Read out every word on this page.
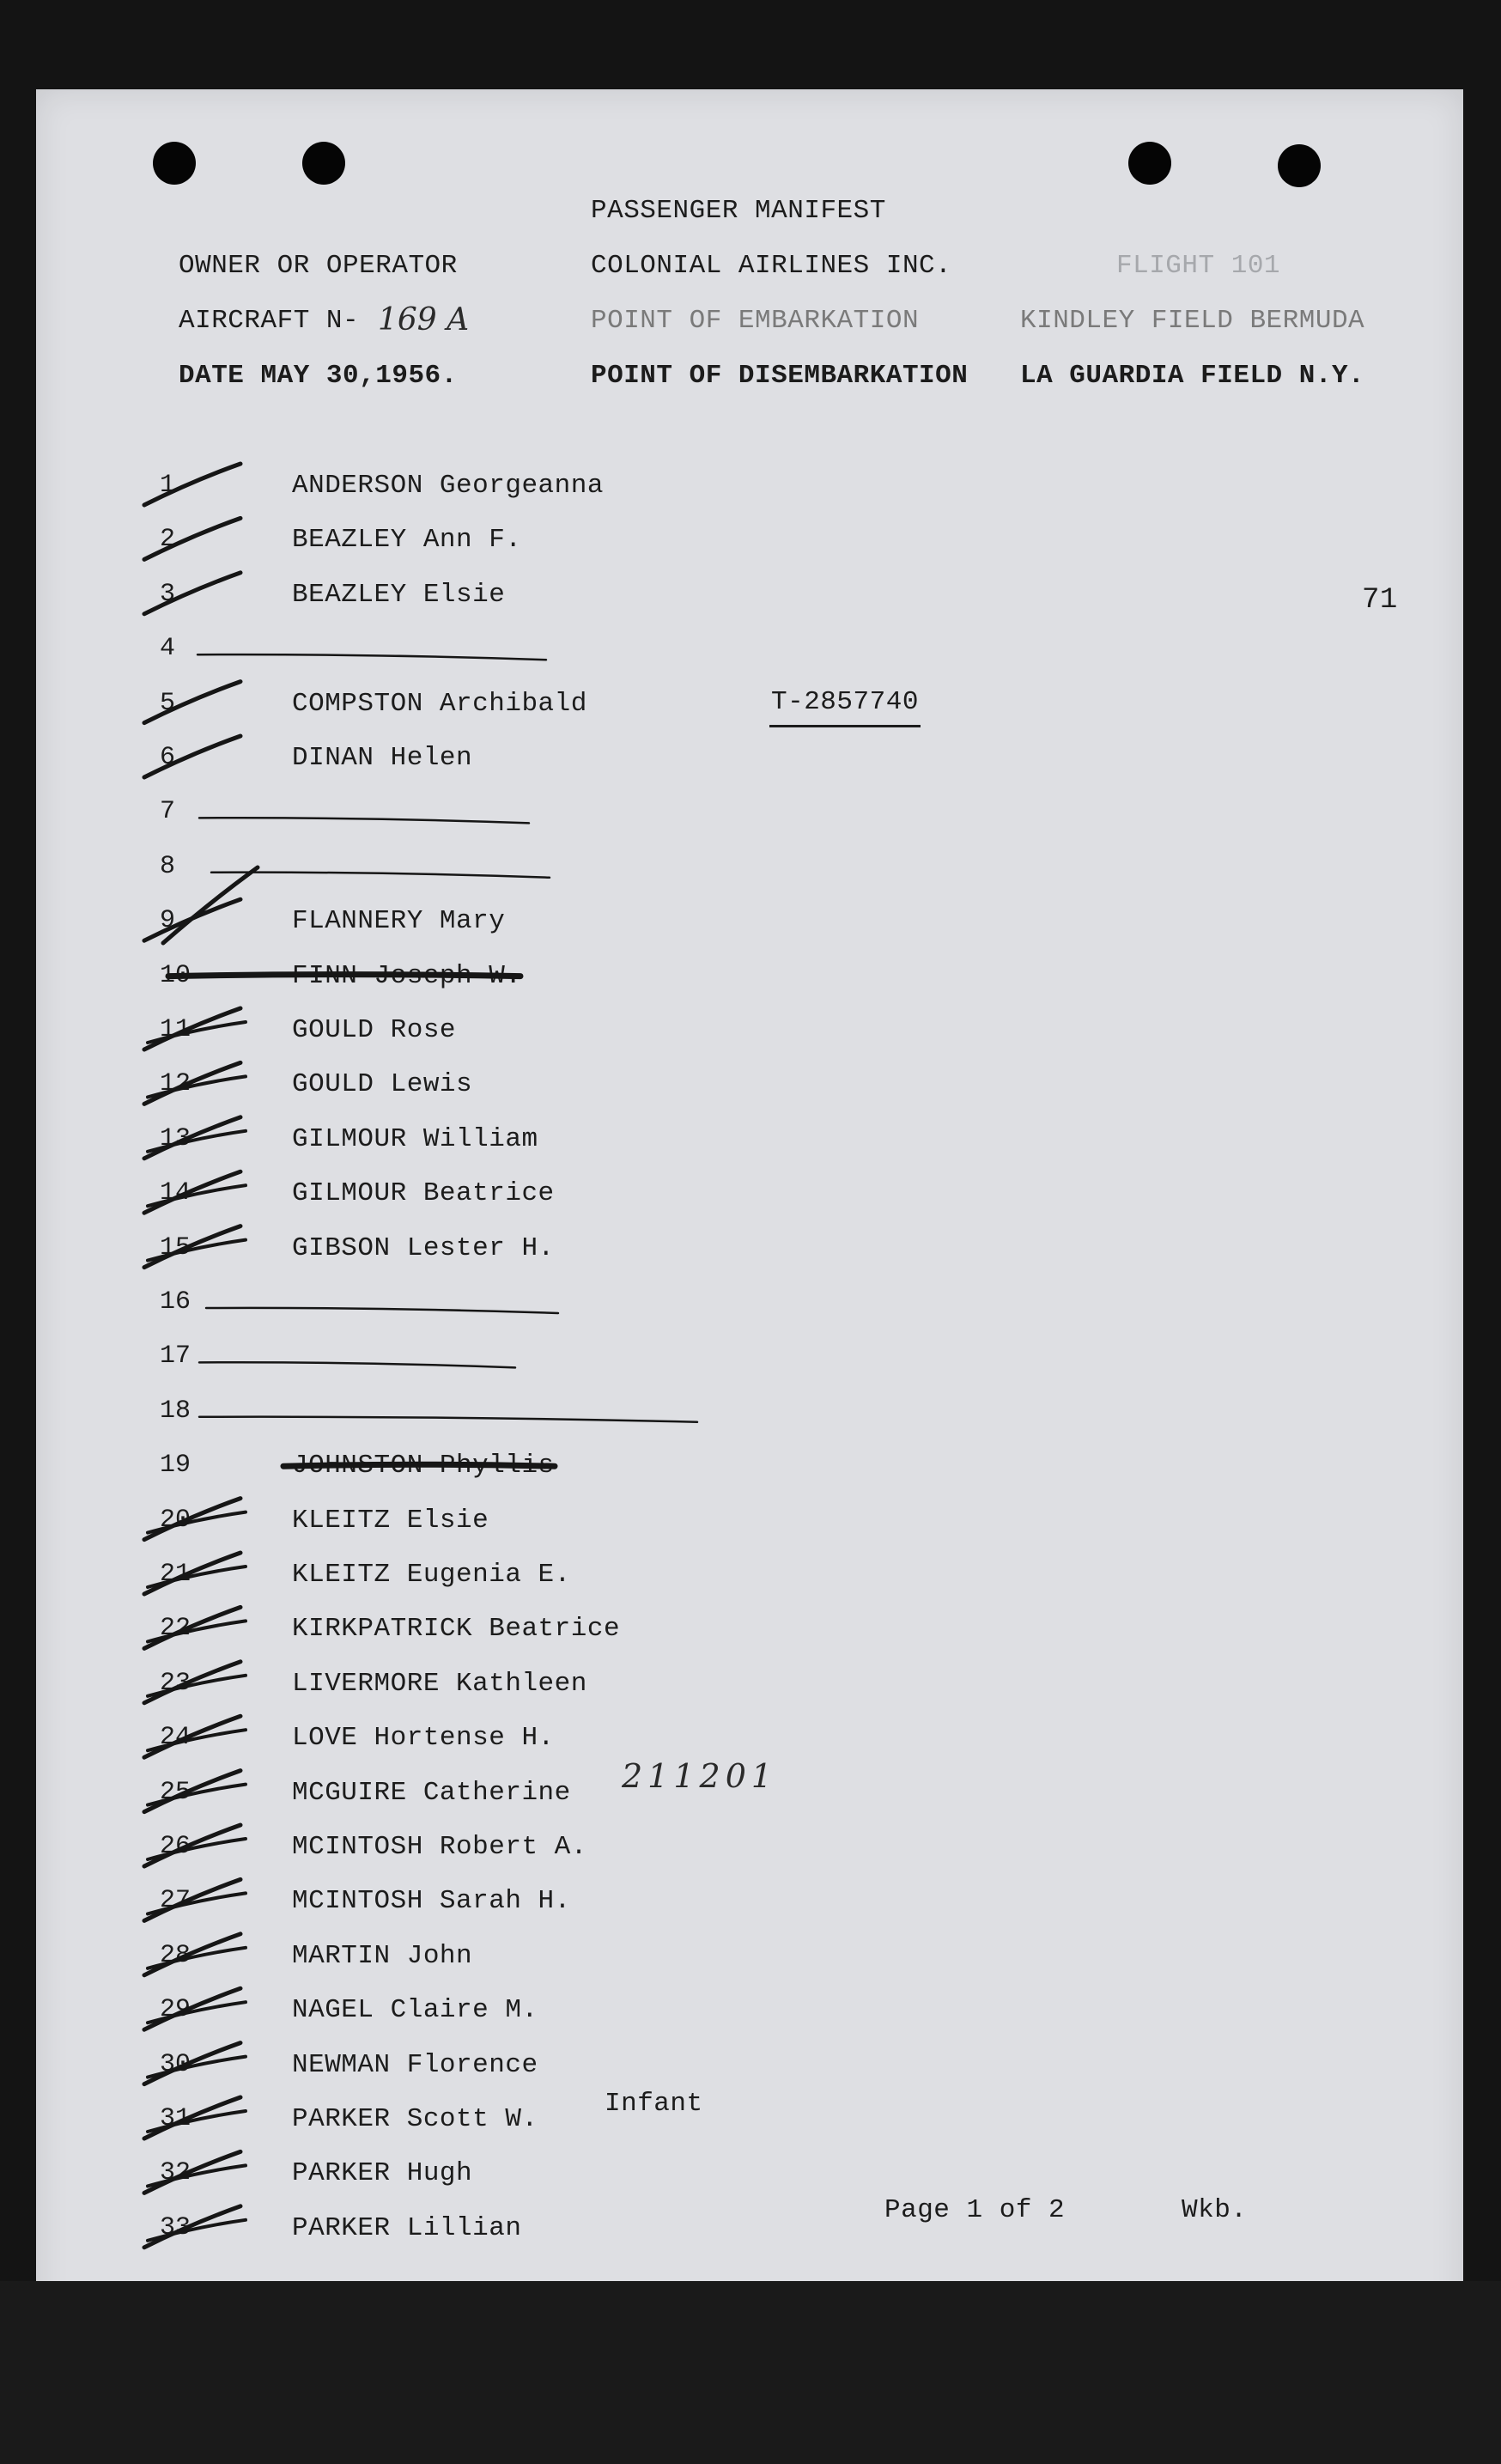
PASSENGER MANIFEST
OWNER OR OPERATOR	COLONIAL AIRLINES INC.	FLIGHT 101
AIRCRAFT N- 169 A	POINT OF EMBARKATION	KINDLEY FIELD BERMUDA
DATE MAY 30,1956.	POINT OF DISEMBARKATION LA GUARDIA FIELD N.Y.
71
1	ANDERSON Georgeanna
2	BEAZLEY Ann F.
3	BEAZLEY Elsie
4
5	COMPSTON Archibald
6	DINAN Helen
7
8
9	FLANNERY Mary
10	FINN Joseph W.
11	GOULD Rose
12	GOULD Lewis
13	GILMOUR William
14	GILMOUR Beatrice
15	GIBSON Lester H.
16
17
18
19	JOHNSTON Phyllis
20	KLEITZ Elsie
21	KLEITZ Eugenia E.
22	KIRKPATRICK Beatrice
23	LIVERMORE Kathleen
24	LOVE Hortense H.
25	MCGUIRE Catherine
26	MCINTOSH Robert A.
27	MCINTOSH Sarah H.
28	MARTIN John
29	NAGEL Claire M.
30	NEWMAN Florence
31	PARKER Scott W.
32	PARKER Hugh
33	PARKER Lillian
T-2857740
211201
Infant
Page 1 of 2	Wkb.
